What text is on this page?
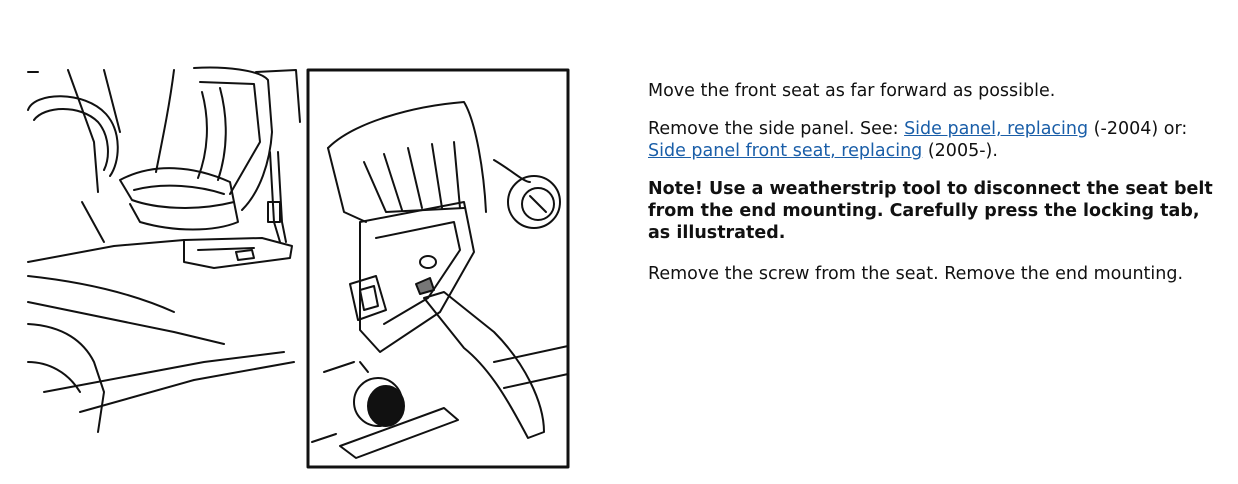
Move the front seat as far forward as possible.

Remove the side panel. See: Side panel, replacing (-2004) or: Side panel front seat, replacing (2005-).

Note! Use a weatherstrip tool to disconnect the seat belt from the end mounting. Carefully press the locking tab, as illustrated.

Remove the screw from the seat. Remove the end mounting.
